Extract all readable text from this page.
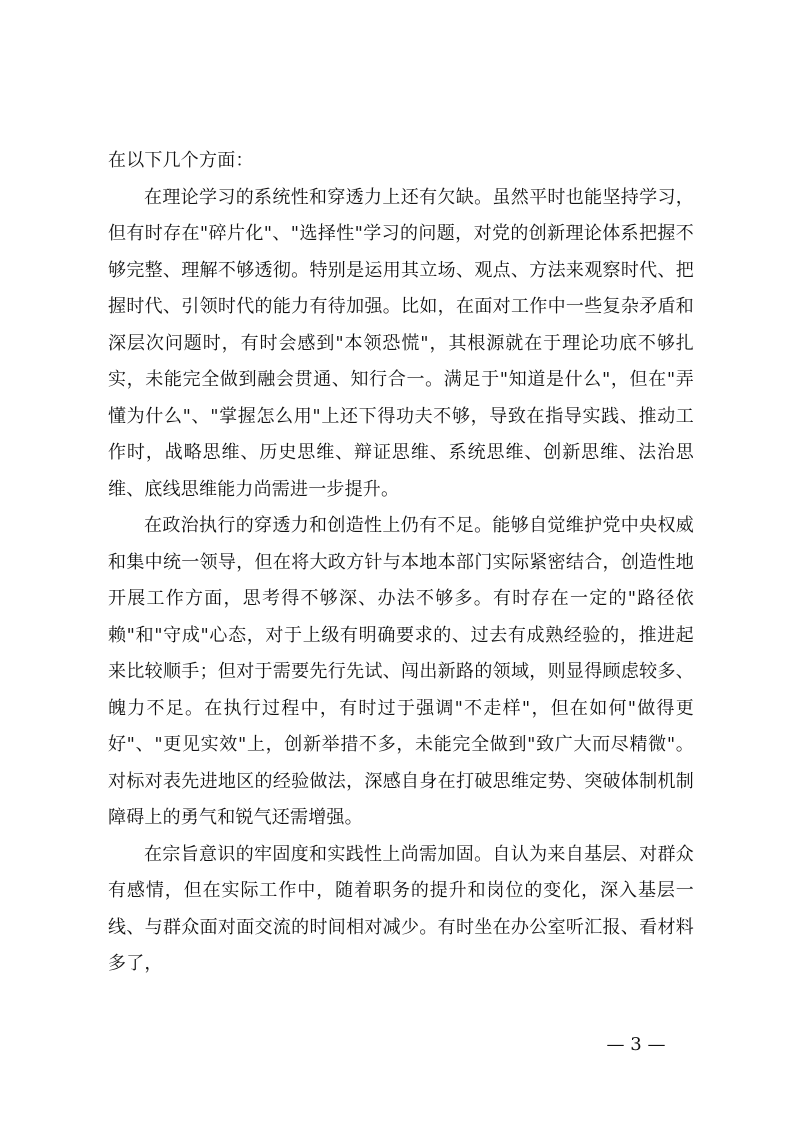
在以下几个方面：

在理论学习的系统性和穿透力上还有欠缺。虽然平时也能坚持学习，但有时存在"碎片化"、"选择性"学习的问题，对党的创新理论体系把握不够完整、理解不够透彻。特别是运用其立场、观点、方法来观察时代、把握时代、引领时代的能力有待加强。比如，在面对工作中一些复杂矛盾和深层次问题时，有时会感到"本领恐慌"，其根源就在于理论功底不够扎实，未能完全做到融会贯通、知行合一。满足于"知道是什么"，但在"弄懂为什么"、"掌握怎么用"上还下得功夫不够，导致在指导实践、推动工作时，战略思维、历史思维、辩证思维、系统思维、创新思维、法治思维、底线思维能力尚需进一步提升。

在政治执行的穿透力和创造性上仍有不足。能够自觉维护党中央权威和集中统一领导，但在将大政方针与本地本部门实际紧密结合，创造性地开展工作方面，思考得不够深、办法不够多。有时存在一定的"路径依赖"和"守成"心态，对于上级有明确要求的、过去有成熟经验的，推进起来比较顺手；但对于需要先行先试、闯出新路的领域，则显得顾虑较多、魄力不足。在执行过程中，有时过于强调"不走样"，但在如何"做得更好"、"更见实效"上，创新举措不多，未能完全做到"致广大而尽精微"。对标对表先进地区的经验做法，深感自身在打破思维定势、突破体制机制障碍上的勇气和锐气还需增强。

在宗旨意识的牢固度和实践性上尚需加固。自认为来自基层、对群众有感情，但在实际工作中，随着职务的提升和岗位的变化，深入基层一线、与群众面对面交流的时间相对减少。有时坐在办公室听汇报、看材料多了，

— 3 —
